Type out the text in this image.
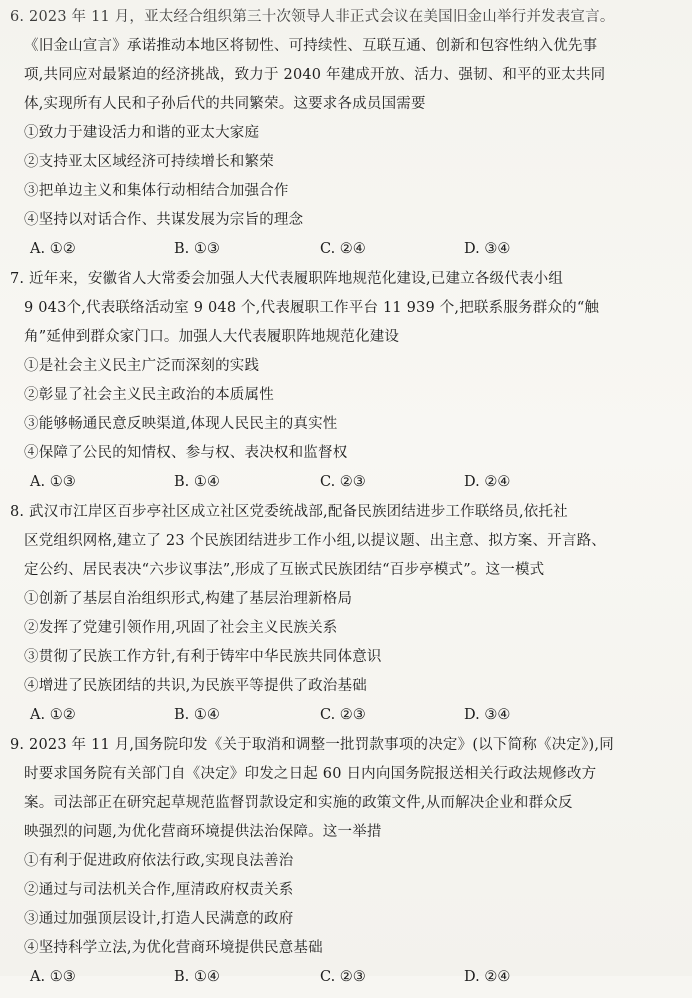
6. 2023 年 11 月，亚太经合组织第三十次领导人非正式会议在美国旧金山举行并发表宣言。
《旧金山宣言》承诺推动本地区将韧性、可持续性、互联互通、创新和包容性纳入优先事
项,共同应对最紧迫的经济挑战，致力于 2040 年建成开放、活力、强韧、和平的亚太共同
体,实现所有人民和子孙后代的共同繁荣。这要求各成员国需要
①致力于建设活力和谐的亚太大家庭
②支持亚太区域经济可持续增长和繁荣
③把单边主义和集体行动相结合加强合作
④坚持以对话合作、共谋发展为宗旨的理念
A. ①②	B. ①③	C. ②④	D. ③④
7. 近年来，安徽省人大常委会加强人大代表履职阵地规范化建设,已建立各级代表小组
9 043个,代表联络活动室 9 048 个,代表履职工作平台 11 939 个,把联系服务群众的“触
角”延伸到群众家门口。加强人大代表履职阵地规范化建设
①是社会主义民主广泛而深刻的实践
②彰显了社会主义民主政治的本质属性
③能够畅通民意反映渠道,体现人民民主的真实性
④保障了公民的知情权、参与权、表决权和监督权
A. ①③	B. ①④	C. ②③	D. ②④
8. 武汉市江岸区百步亭社区成立社区党委统战部,配备民族团结进步工作联络员,依托社
区党组织网格,建立了 23 个民族团结进步工作小组,以提议题、出主意、拟方案、开言路、
定公约、居民表决“六步议事法”,形成了互嵌式民族团结“百步亭模式”。这一模式
①创新了基层自治组织形式,构建了基层治理新格局
②发挥了党建引领作用,巩固了社会主义民族关系
③贯彻了民族工作方针,有利于铸牢中华民族共同体意识
④增进了民族团结的共识,为民族平等提供了政治基础
A. ①②	B. ①④	C. ②③	D. ③④
9. 2023 年 11 月,国务院印发《关于取消和调整一批罚款事项的决定》(以下简称《决定》),同
时要求国务院有关部门自《决定》印发之日起 60 日内向国务院报送相关行政法规修改方
案。司法部正在研究起草规范监督罚款设定和实施的政策文件,从而解决企业和群众反
映强烈的问题,为优化营商环境提供法治保障。这一举措
①有利于促进政府依法行政,实现良法善治
②通过与司法机关合作,厘清政府权责关系
③通过加强顶层设计,打造人民满意的政府
④坚持科学立法,为优化营商环境提供民意基础
A. ①③	B. ①④	C. ②③	D. ②④
